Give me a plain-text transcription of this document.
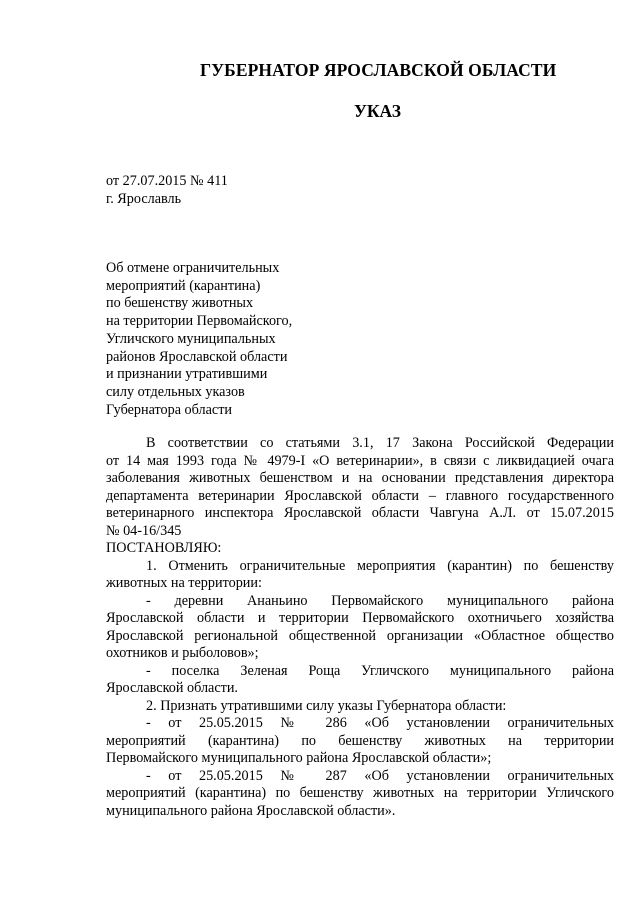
ГУБЕРНАТОР ЯРОСЛАВСКОЙ ОБЛАСТИ
УКАЗ
от 27.07.2015 № 411
г. Ярославль
Об отмене ограничительных
мероприятий (карантина)
по бешенству животных
на территории Первомайского,
Угличского муниципальных
районов Ярославской области
и признании утратившими
силу отдельных указов
Губернатора области
В соответствии со статьями 3.1, 17 Закона Российской Федерации
от 14 мая 1993 года № 4979-I «О ветеринарии», в связи с ликвидацией очага
заболевания животных бешенством и на основании представления директора
департамента ветеринарии Ярославской области – главного государственного
ветеринарного инспектора Ярославской области Чавгуна А.Л. от 15.07.2015
№ 04-16/345
ПОСТАНОВЛЯЮ:
1. Отменить ограничительные мероприятия (карантин) по бешенству
животных на территории:
- деревни Ананьино Первомайского муниципального района
Ярославской области и территории Первомайского охотничьего хозяйства
Ярославской региональной общественной организации «Областное общество
охотников и рыболовов»;
- поселка Зеленая Роща Угличского муниципального района
Ярославской области.
2. Признать утратившими силу указы Губернатора области:
- от 25.05.2015 № 286 «Об установлении ограничительных
мероприятий (карантина) по бешенству животных на территории
Первомайского муниципального района Ярославской области»;
- от 25.05.2015 № 287 «Об установлении ограничительных
мероприятий (карантина) по бешенству животных на территории Угличского
муниципального района Ярославской области».
